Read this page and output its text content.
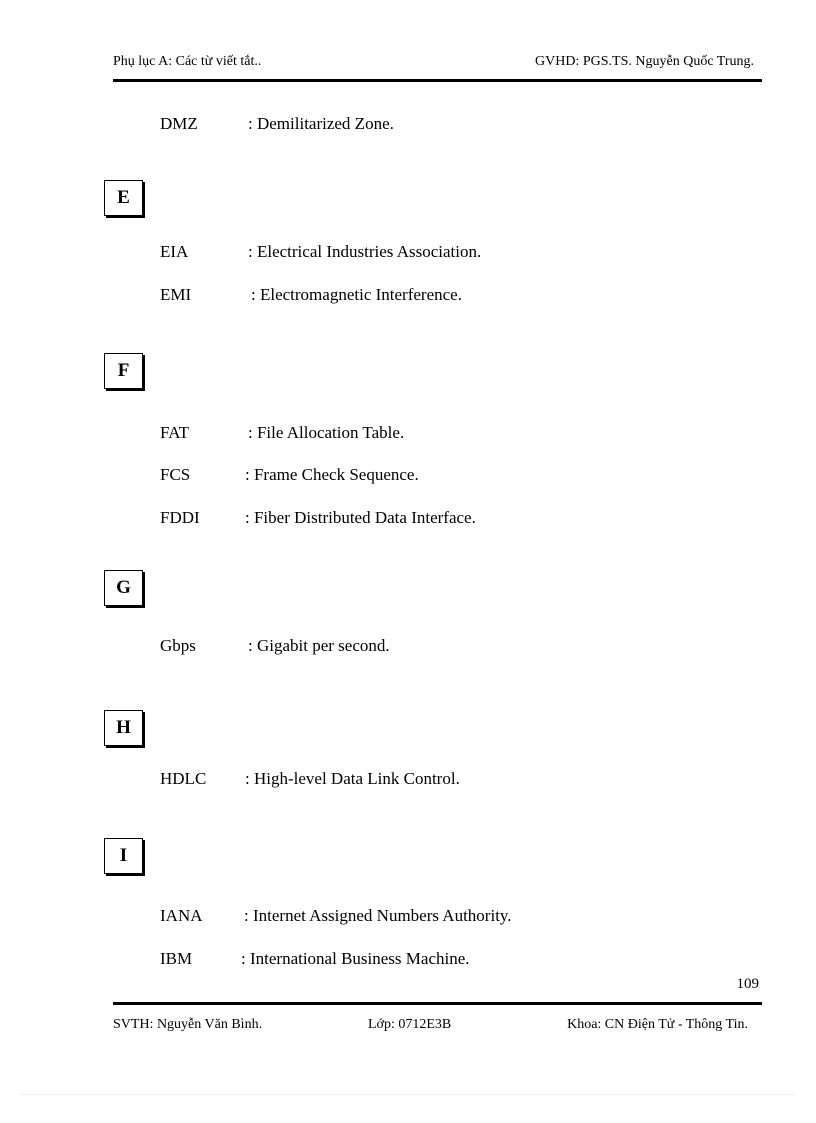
Phụ lục A: Các từ viết tắt..	GVHD: PGS.TS. Nguyễn Quốc Trung.
DMZ	: Demilitarized Zone.
E
EIA	: Electrical Industries Association.
EMI	: Electromagnetic Interference.
F
FAT	: File Allocation Table.
FCS	: Frame Check Sequence.
FDDI	: Fiber Distributed Data Interface.
G
Gbps	: Gigabit per second.
H
HDLC : High-level Data Link Control.
I
IANA : Internet Assigned Numbers Authority.
IBM	: International Business Machine.
109
SVTH: Nguyễn Văn Bình.	Lớp: 0712E3B	Khoa: CN Điện Tử - Thông Tin.
